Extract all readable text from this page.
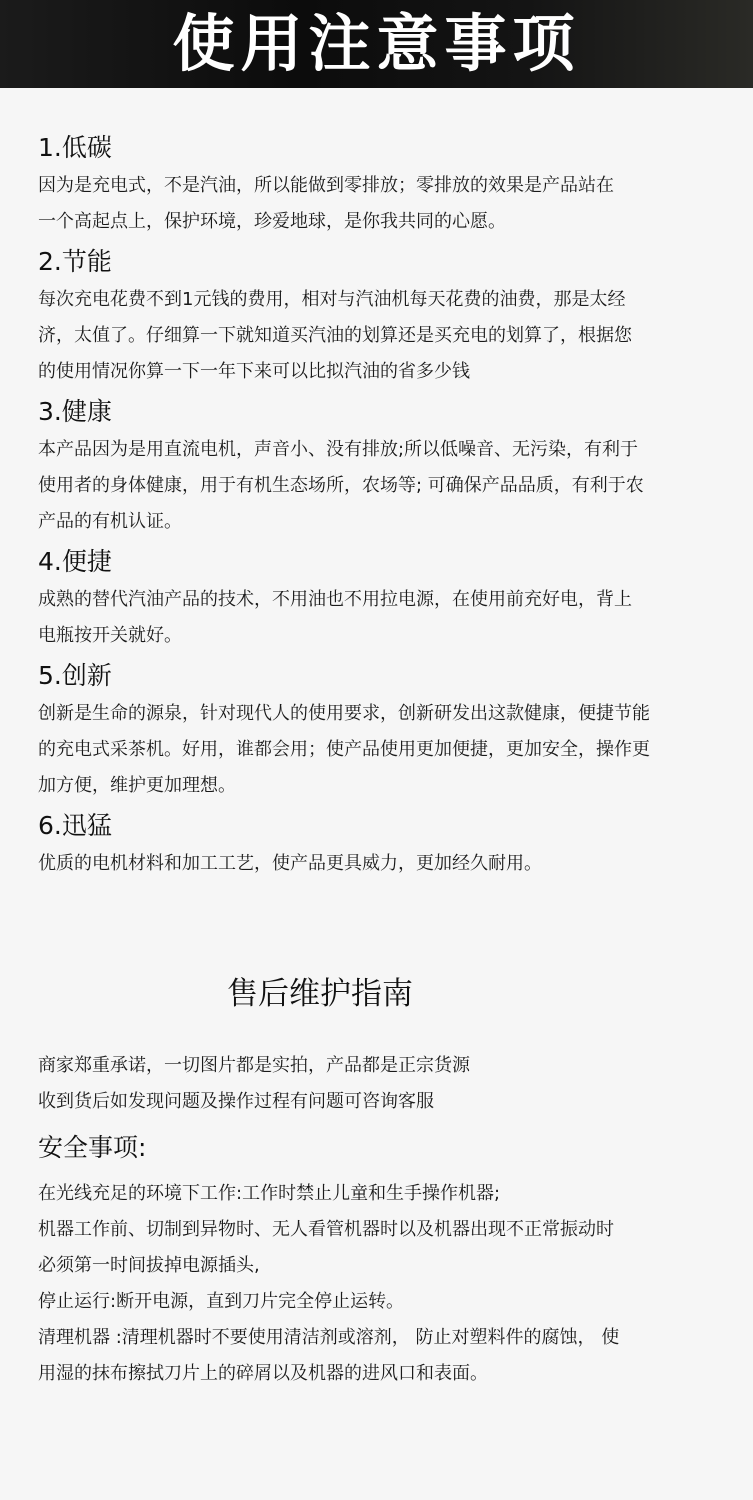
使用注意事项
1.低碳
因为是充电式，不是汽油，所以能做到零排放；零排放的效果是产品站在
一个高起点上，保护环境，珍爱地球，是你我共同的心愿。
2.节能
每次充电花费不到1元钱的费用，相对与汽油机每天花费的油费，那是太经
济，太值了。仔细算一下就知道买汽油的划算还是买充电的划算了，根据您
的使用情况你算一下一年下来可以比拟汽油的省多少钱
3.健康
本产品因为是用直流电机，声音小、没有排放;所以低噪音、无污染，有利于
使用者的身体健康，用于有机生态场所，农场等; 可确保产品品质，有利于农
产品的有机认证。
4.便捷
成熟的替代汽油产品的技术，不用油也不用拉电源，在使用前充好电，背上
电瓶按开关就好。
5.创新
创新是生命的源泉，针对现代人的使用要求，创新研发出这款健康，便捷节能
的充电式采茶机。好用，谁都会用；使产品使用更加便捷，更加安全，操作更
加方便，维护更加理想。
6.迅猛
优质的电机材料和加工工艺，使产品更具威力，更加经久耐用。
售后维护指南
商家郑重承诺，一切图片都是实拍，产品都是正宗货源
收到货后如发现问题及操作过程有问题可咨询客服
安全事项:
在光线充足的环境下工作:工作时禁止儿童和生手操作机器;
机器工作前、切制到异物时、无人看管机器时以及机器出现不正常振动时
必须第一时间拔掉电源插头,
停止运行:断开电源，直到刀片完全停止运转。
清理机器 :清理机器时不要使用清洁剂或溶剂， 防止对塑料件的腐蚀， 使
用湿的抹布擦拭刀片上的碎屑以及机器的进风口和表面。
